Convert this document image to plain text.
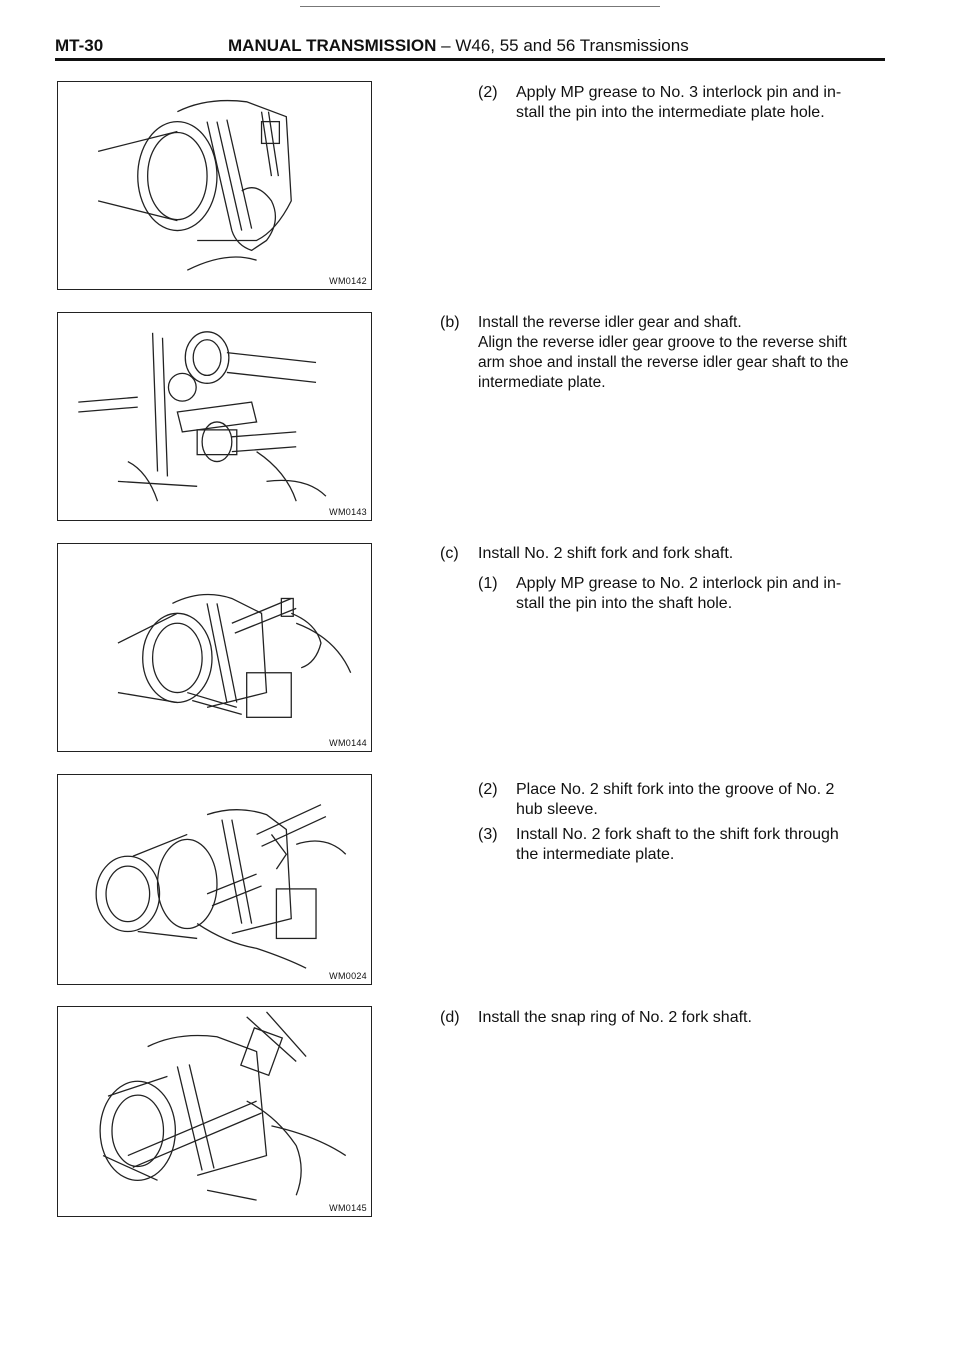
MT-30	MANUAL TRANSMISSION – W46, 55 and 56 Transmissions
WM0142
WM0143
WM0144
WM0024
WM0145
(2) Apply MP grease to No. 3 interlock pin and in-
stall the pin into the intermediate plate hole.
(b) Install the reverse idler gear and shaft.
Align the reverse idler gear groove to the reverse shift
arm shoe and install the reverse idler gear shaft to the
intermediate plate.
(c) Install No. 2 shift fork and fork shaft.
(1) Apply MP grease to No. 2 interlock pin and in-
stall the pin into the shaft hole.
(2) Place No. 2 shift fork into the groove of No. 2
hub sleeve.
(3) Install No. 2 fork shaft to the shift fork through
the intermediate plate.
(d) Install the snap ring of No. 2 fork shaft.
